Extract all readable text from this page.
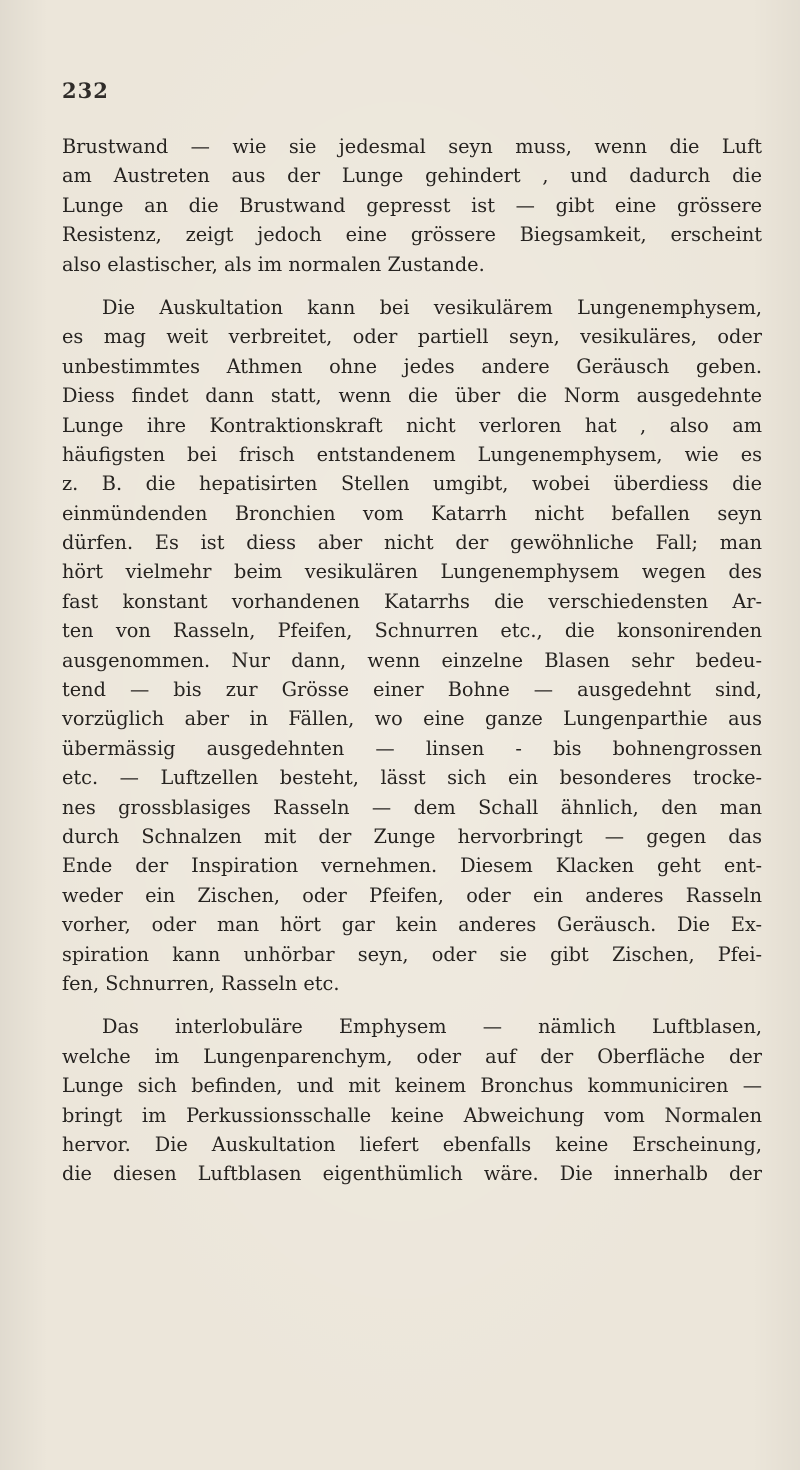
232
Brustwand — wie sie jedesmal seyn muss, wenn die Luft
am Austreten aus der Lunge gehindert , und dadurch die
Lunge an die Brustwand gepresst ist — gibt eine grössere
Resistenz, zeigt jedoch eine grössere Biegsamkeit, erscheint
also elastischer, als im normalen Zustande.
Die Auskultation kann bei vesikulärem Lungenemphysem,
es mag weit verbreitet, oder partiell seyn, vesikuläres, oder
unbestimmtes Athmen ohne jedes andere Geräusch geben.
Diess findet dann statt, wenn die über die Norm ausgedehnte
Lunge ihre Kontraktionskraft nicht verloren hat , also am
häufigsten bei frisch entstandenem Lungenemphysem, wie es
z. B. die hepatisirten Stellen umgibt, wobei überdiess die
einmündenden Bronchien vom Katarrh nicht befallen seyn
dürfen. Es ist diess aber nicht der gewöhnliche Fall; man
hört vielmehr beim vesikulären Lungenemphysem wegen des
fast konstant vorhandenen Katarrhs die verschiedensten Ar-
ten von Rasseln, Pfeifen, Schnurren etc., die konsonirenden
ausgenommen. Nur dann, wenn einzelne Blasen sehr bedeu-
tend — bis zur Grösse einer Bohne — ausgedehnt sind,
vorzüglich aber in Fällen, wo eine ganze Lungenparthie aus
übermässig ausgedehnten — linsen - bis bohnengrossen
etc. — Luftzellen besteht, lässt sich ein besonderes trocke-
nes grossblasiges Rasseln — dem Schall ähnlich, den man
durch Schnalzen mit der Zunge hervorbringt — gegen das
Ende der Inspiration vernehmen. Diesem Klacken geht ent-
weder ein Zischen, oder Pfeifen, oder ein anderes Rasseln
vorher, oder man hört gar kein anderes Geräusch. Die Ex-
spiration kann unhörbar seyn, oder sie gibt Zischen, Pfei-
fen, Schnurren, Rasseln etc.
Das interlobuläre Emphysem — nämlich Luftblasen,
welche im Lungenparenchym, oder auf der Oberfläche der
Lunge sich befinden, und mit keinem Bronchus kommuniciren —
bringt im Perkussionsschalle keine Abweichung vom Normalen
hervor. Die Auskultation liefert ebenfalls keine Erscheinung,
die diesen Luftblasen eigenthümlich wäre. Die innerhalb der
